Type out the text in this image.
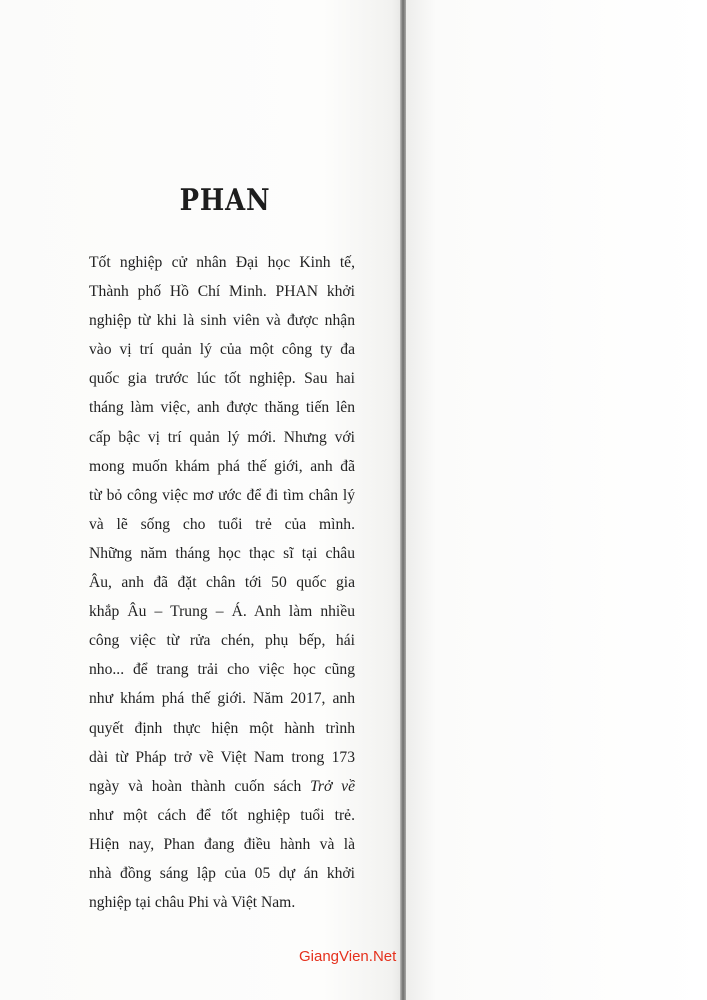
PHAN
Tốt nghiệp cử nhân Đại học Kinh tế,
Thành phố Hồ Chí Minh. PHAN khởi
nghiệp từ khi là sinh viên và được nhận
vào vị trí quản lý của một công ty đa
quốc gia trước lúc tốt nghiệp. Sau hai
tháng làm việc, anh được thăng tiến lên
cấp bậc vị trí quản lý mới. Nhưng với
mong muốn khám phá thế giới, anh đã
từ bỏ công việc mơ ước để đi tìm chân lý
và lẽ sống cho tuổi trẻ của mình.
Những năm tháng học thạc sĩ tại châu
Âu, anh đã đặt chân tới 50 quốc gia
khắp Âu – Trung – Á. Anh làm nhiều
công việc từ rửa chén, phụ bếp, hái
nho... để trang trải cho việc học cũng
như khám phá thế giới. Năm 2017, anh
quyết định thực hiện một hành trình
dài từ Pháp trở về Việt Nam trong 173
ngày và hoàn thành cuốn sách Trở về
như một cách để tốt nghiệp tuổi trẻ.
Hiện nay, Phan đang điều hành và là
nhà đồng sáng lập của 05 dự án khởi
nghiệp tại châu Phi và Việt Nam.
GiangVien.Net
